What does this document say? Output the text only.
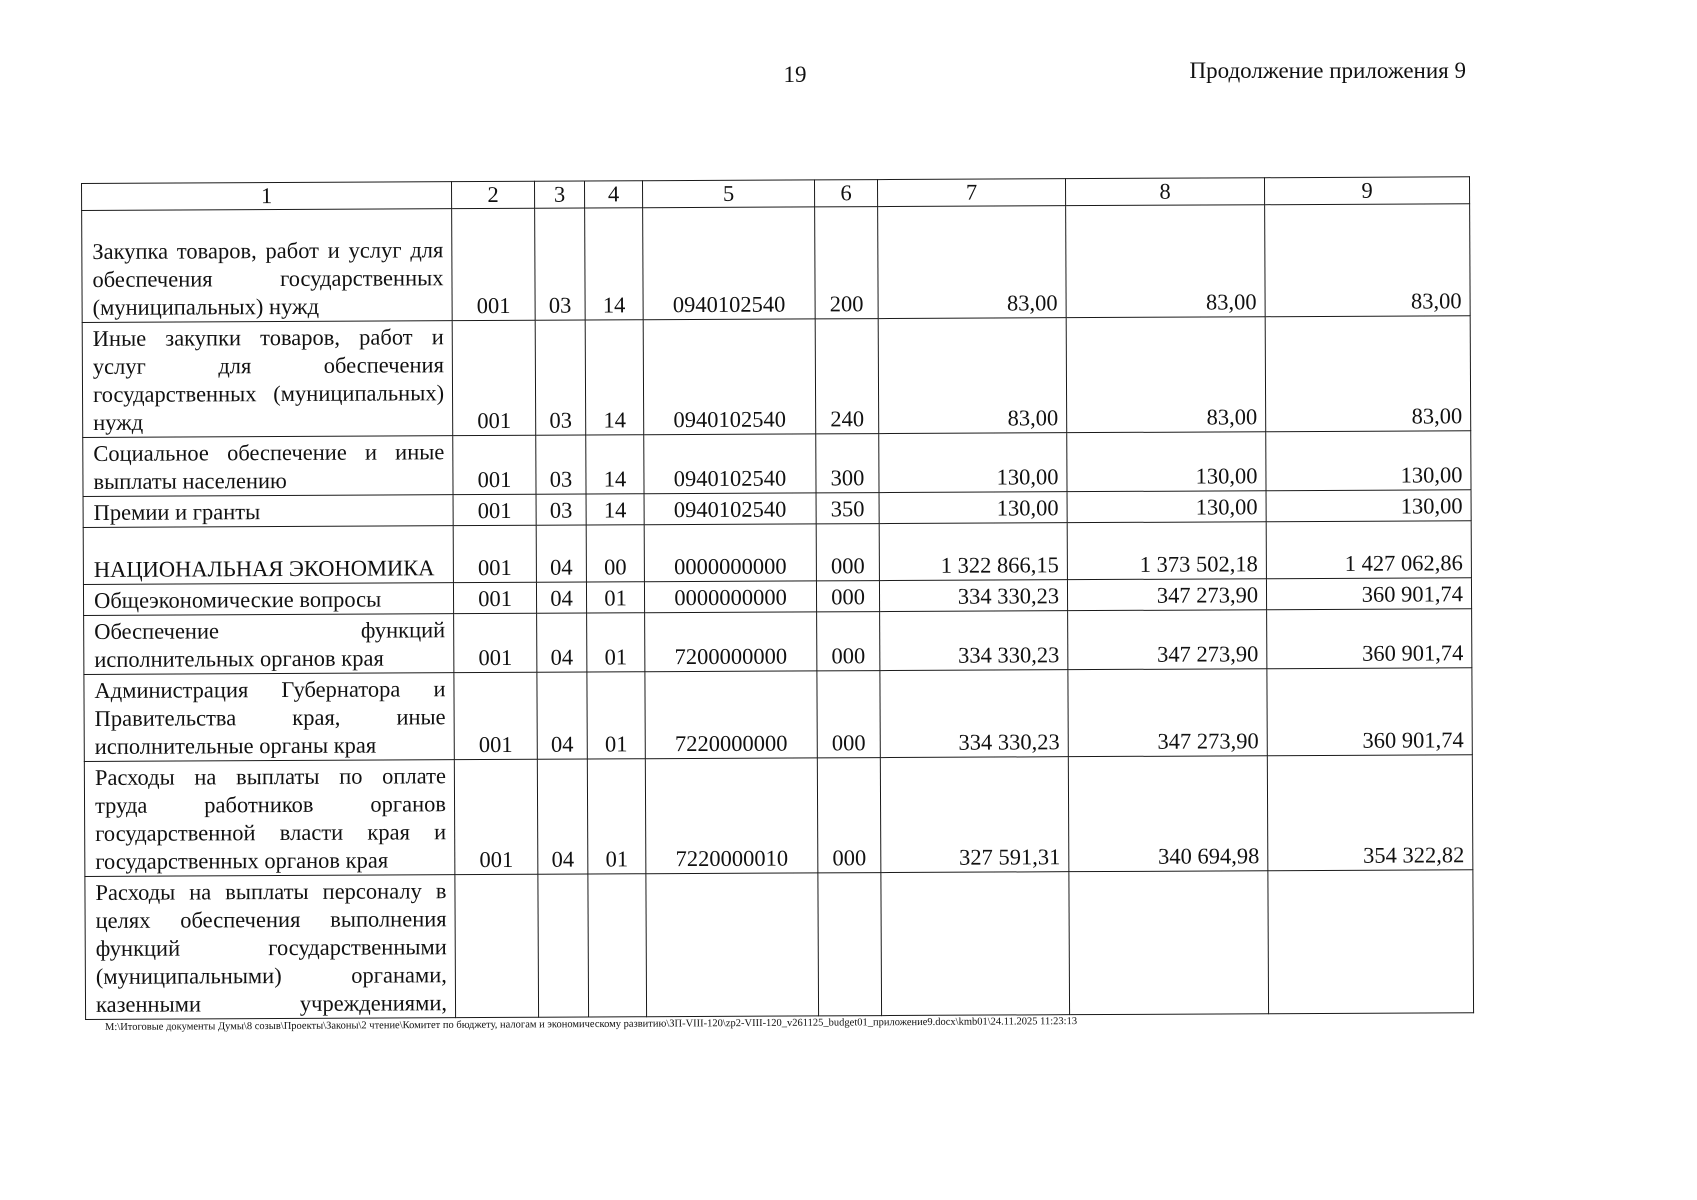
19	Продолжение приложения 9
1	2	3	4	5	6	7	8	9
Закупка товаров, работ и услуг для обеспечения государственных (муниципальных) нужд	001	03	14	0940102540	200	83,00	83,00	83,00
Иные закупки товаров, работ и услуг для обеспечения государственных (муниципальных) нужд	001	03	14	0940102540	240	83,00	83,00	83,00
Социальное обеспечение и иные выплаты населению	001	03	14	0940102540	300	130,00	130,00	130,00
Премии и гранты	001	03	14	0940102540	350	130,00	130,00	130,00
НАЦИОНАЛЬНАЯ ЭКОНОМИКА	001	04	00	0000000000	000	1 322 866,15	1 373 502,18	1 427 062,86
Общеэкономические вопросы	001	04	01	0000000000	000	334 330,23	347 273,90	360 901,74
Обеспечение функций исполнительных органов края	001	04	01	7200000000	000	334 330,23	347 273,90	360 901,74
Администрация Губернатора и Правительства края, иные исполнительные органы края	001	04	01	7220000000	000	334 330,23	347 273,90	360 901,74
Расходы на выплаты по оплате труда работников органов государственной власти края и государственных органов края	001	04	01	7220000010	000	327 591,31	340 694,98	354 322,82
Расходы на выплаты персоналу в целях обеспечения выполнения функций государственными (муниципальными) органами, казенными учреждениями,								
M:\Итоговые документы Думы\8 созыв\Проекты\Законы\2 чтение\Комитет по бюджету, налогам и экономическому развитию\ЗП-VIII-120\zp2-VIII-120_v261125_budget01_приложение9.docx\kmb01\24.11.2025 11:23:13
